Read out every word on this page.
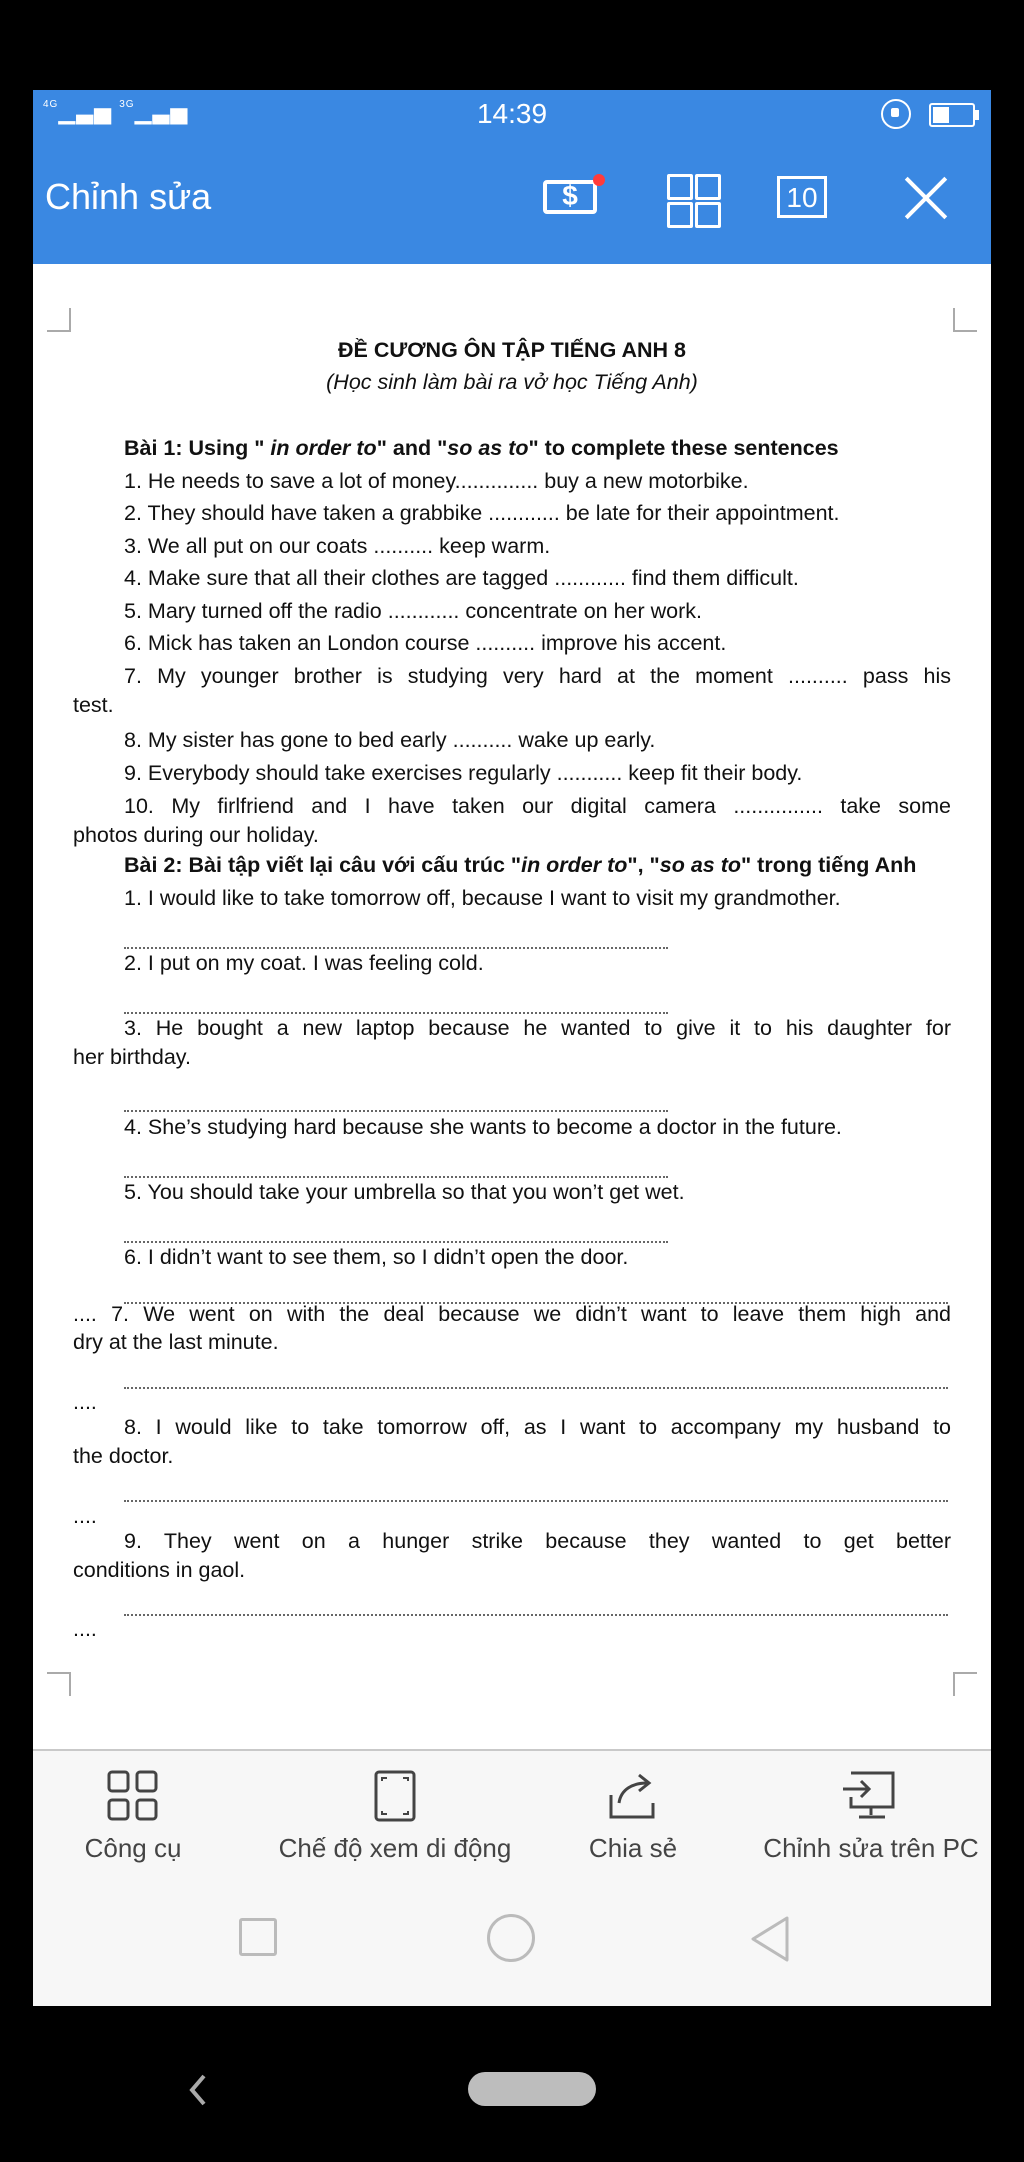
$^{4G}$▁▃▅ $^{3G}$▁▃▅	14:39
Chỉnh sửa	$	10
ĐỀ CƯƠNG ÔN TẬP TIẾNG ANH 8
(Học sinh làm bài ra vở học Tiếng Anh)
Bài 1: Using " in order to" and "so as to" to complete these sentences
1. He needs to save a lot of money.............. buy a new motorbike.
2. They should have taken a grabbike ............ be late for their appointment.
3. We all put on our coats .......... keep warm.
4. Make sure that all their clothes are tagged ............ find them difficult.
5. Mary turned off the radio ............ concentrate on her work.
6. Mick has taken an London course .......... improve his accent.
7. My younger brother is studying very hard at the moment .......... pass his
test.
8. My sister has gone to bed early .......... wake up early.
9. Everybody should take exercises regularly ........... keep fit their body.
10. My firlfriend and I have taken our digital camera ............... take some
photos during our holiday.
Bài 2: Bài tập viết lại câu với cấu trúc "in order to", "so as to" trong tiếng Anh
1. I would like to take tomorrow off, because I want to visit my grandmother.
2. I put on my coat. I was feeling cold.
3. He bought a new laptop because he wanted to give it to his daughter for
her birthday.
4. She’s studying hard because she wants to become a doctor in the future.
5. You should take your umbrella so that you won’t get wet.
6. I didn’t want to see them, so I didn’t open the door.
.... 7. We went on with the deal because we didn’t want to leave them high and
dry at the last minute.
....
8. I would like to take tomorrow off, as I want to accompany my husband to
the doctor.
....
9. They went on a hunger strike because they wanted to get better
conditions in gaol.
....
Công cụ	Chế độ xem di động	Chia sẻ	Chỉnh sửa trên PC
